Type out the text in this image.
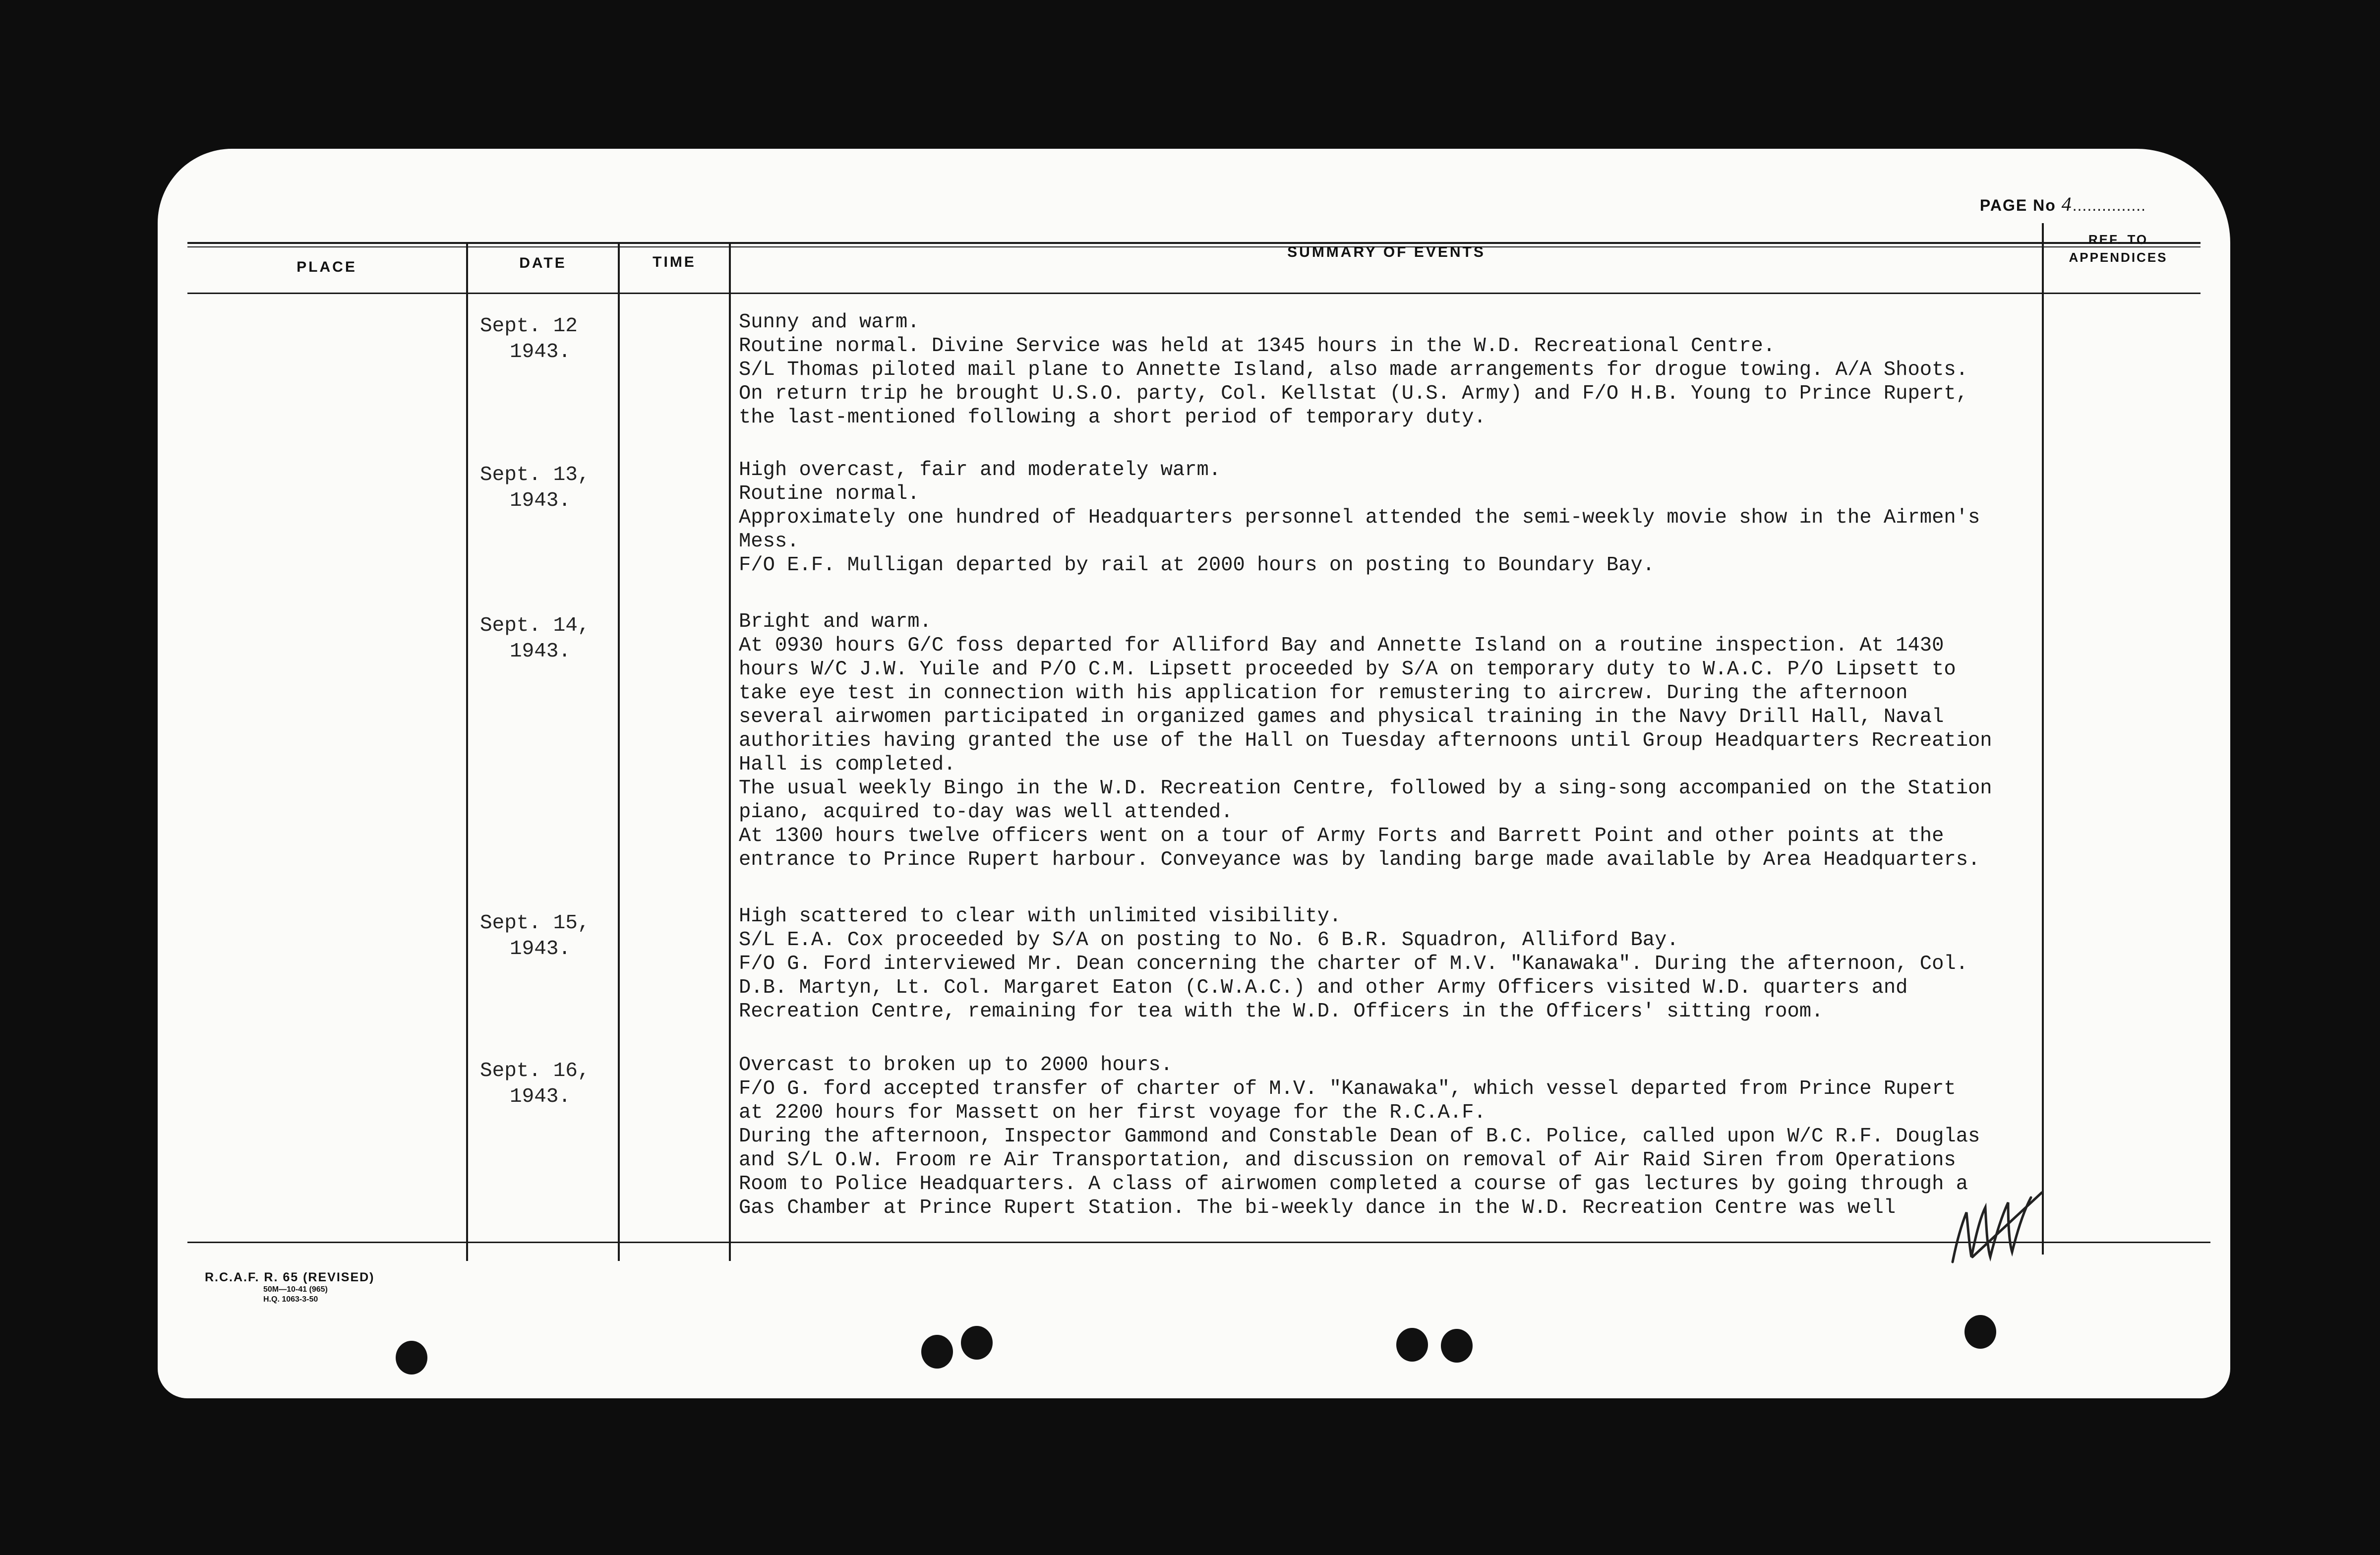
PAGE No 4...............
PLACE	DATE	TIME
SUMMARY OF EVENTS
REF. TO
APPENDICES
Sept. 12
1943.
Sunny and warm.
Routine normal. Divine Service was held at 1345 hours in the W.D. Recreational Centre.
S/L Thomas piloted mail plane to Annette Island, also made arrangements for drogue towing. A/A Shoots.
On return trip he brought U.S.O. party, Col. Kellstat (U.S. Army) and F/O H.B. Young to Prince Rupert,
the last-mentioned following a short period of temporary duty.
Sept. 13,
1943.
High overcast, fair and moderately warm.
Routine normal.
Approximately one hundred of Headquarters personnel attended the semi-weekly movie show in the Airmen's
Mess.
F/O E.F. Mulligan departed by rail at 2000 hours on posting to Boundary Bay.
Sept. 14,
1943.
Bright and warm.
At 0930 hours G/C foss departed for Alliford Bay and Annette Island on a routine inspection. At 1430
hours W/C J.W. Yuile and P/O C.M. Lipsett proceeded by S/A on temporary duty to W.A.C. P/O Lipsett to
take eye test in connection with his application for remustering to aircrew. During the afternoon
several airwomen participated in organized games and physical training in the Navy Drill Hall, Naval
authorities having granted the use of the Hall on Tuesday afternoons until Group Headquarters Recreation
Hall is completed.
The usual weekly Bingo in the W.D. Recreation Centre, followed by a sing-song accompanied on the Station
piano, acquired to-day was well attended.
At 1300 hours twelve officers went on a tour of Army Forts and Barrett Point and other points at the
entrance to Prince Rupert harbour. Conveyance was by landing barge made available by Area Headquarters.
Sept. 15,
1943.
High scattered to clear with unlimited visibility.
S/L E.A. Cox proceeded by S/A on posting to No. 6 B.R. Squadron, Alliford Bay.
F/O G. Ford interviewed Mr. Dean concerning the charter of M.V. "Kanawaka". During the afternoon, Col.
D.B. Martyn, Lt. Col. Margaret Eaton (C.W.A.C.) and other Army Officers visited W.D. quarters and
Recreation Centre, remaining for tea with the W.D. Officers in the Officers' sitting room.
Sept. 16,
1943.
Overcast to broken up to 2000 hours.
F/O G. ford accepted transfer of charter of M.V. "Kanawaka", which vessel departed from Prince Rupert
at 2200 hours for Massett on her first voyage for the R.C.A.F.
During the afternoon, Inspector Gammond and Constable Dean of B.C. Police, called upon W/C R.F. Douglas
and S/L O.W. Froom re Air Transportation, and discussion on removal of Air Raid Siren from Operations
Room to Police Headquarters. A class of airwomen completed a course of gas lectures by going through a
Gas Chamber at Prince Rupert Station. The bi-weekly dance in the W.D. Recreation Centre was well
R.C.A.F. R. 65 (REVISED)
50M—10-41 (965)
H.Q. 1063-3-50
